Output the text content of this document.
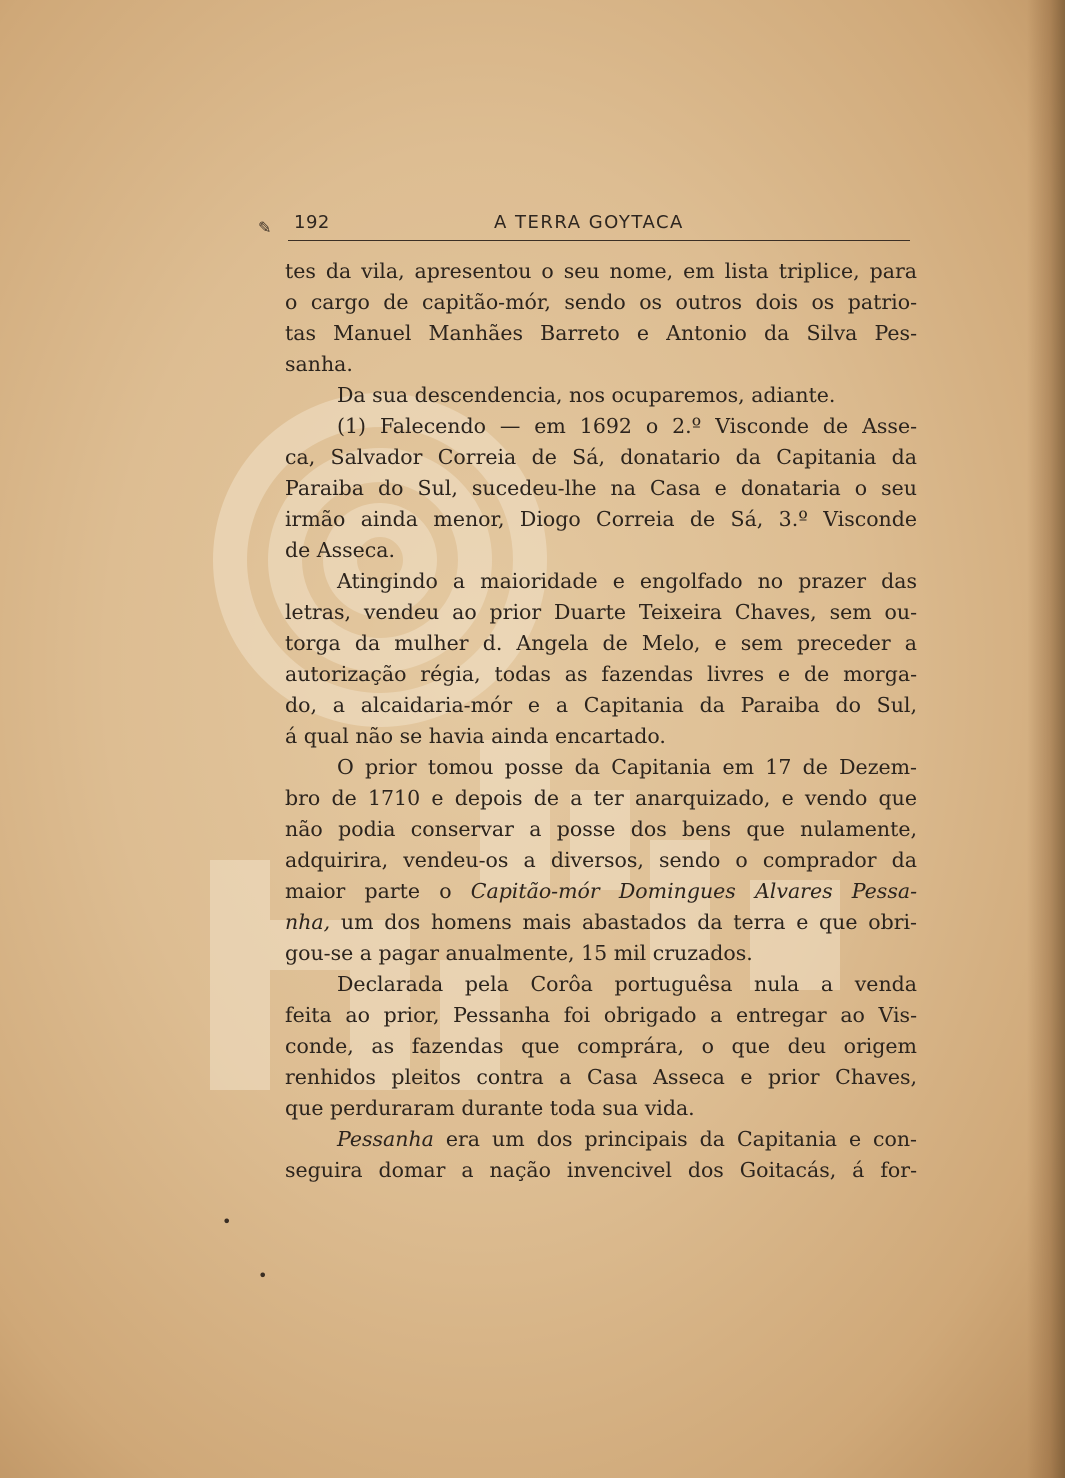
✎ 192	A TERRA GOYTACA
tes da vila, apresentou o seu nome, em lista triplice, para
o cargo de capitão-mór, sendo os outros dois os patrio-
tas Manuel Manhães Barreto e Antonio da Silva Pes-
sanha.
Da sua descendencia, nos ocuparemos, adiante.
(1) Falecendo — em 1692 o 2.º Visconde de Asse-
ca, Salvador Correia de Sá, donatario da Capitania da
Paraiba do Sul, sucedeu-lhe na Casa e donataria o seu
irmão ainda menor, Diogo Correia de Sá, 3.º Visconde
de Asseca.
Atingindo a maioridade e engolfado no prazer das
letras, vendeu ao prior Duarte Teixeira Chaves, sem ou-
torga da mulher d. Angela de Melo, e sem preceder a
autorização régia, todas as fazendas livres e de morga-
do, a alcaidaria-mór e a Capitania da Paraiba do Sul,
á qual não se havia ainda encartado.
O prior tomou posse da Capitania em 17 de Dezem-
bro de 1710 e depois de a ter anarquizado, e vendo que
não podia conservar a posse dos bens que nulamente,
adquirira, vendeu-os a diversos, sendo o comprador da
maior parte o Capitão-mór Domingues Alvares Pessa-
nha, um dos homens mais abastados da terra e que obri-
gou-se a pagar anualmente, 15 mil cruzados.
Declarada pela Corôa portuguêsa nula a venda
feita ao prior, Pessanha foi obrigado a entregar ao Vis-
conde, as fazendas que comprára, o que deu origem
renhidos pleitos contra a Casa Asseca e prior Chaves,
que perduraram durante toda sua vida.
Pessanha era um dos principais da Capitania e con-
seguira domar a nação invencivel dos Goitacás, á for-
•
•
